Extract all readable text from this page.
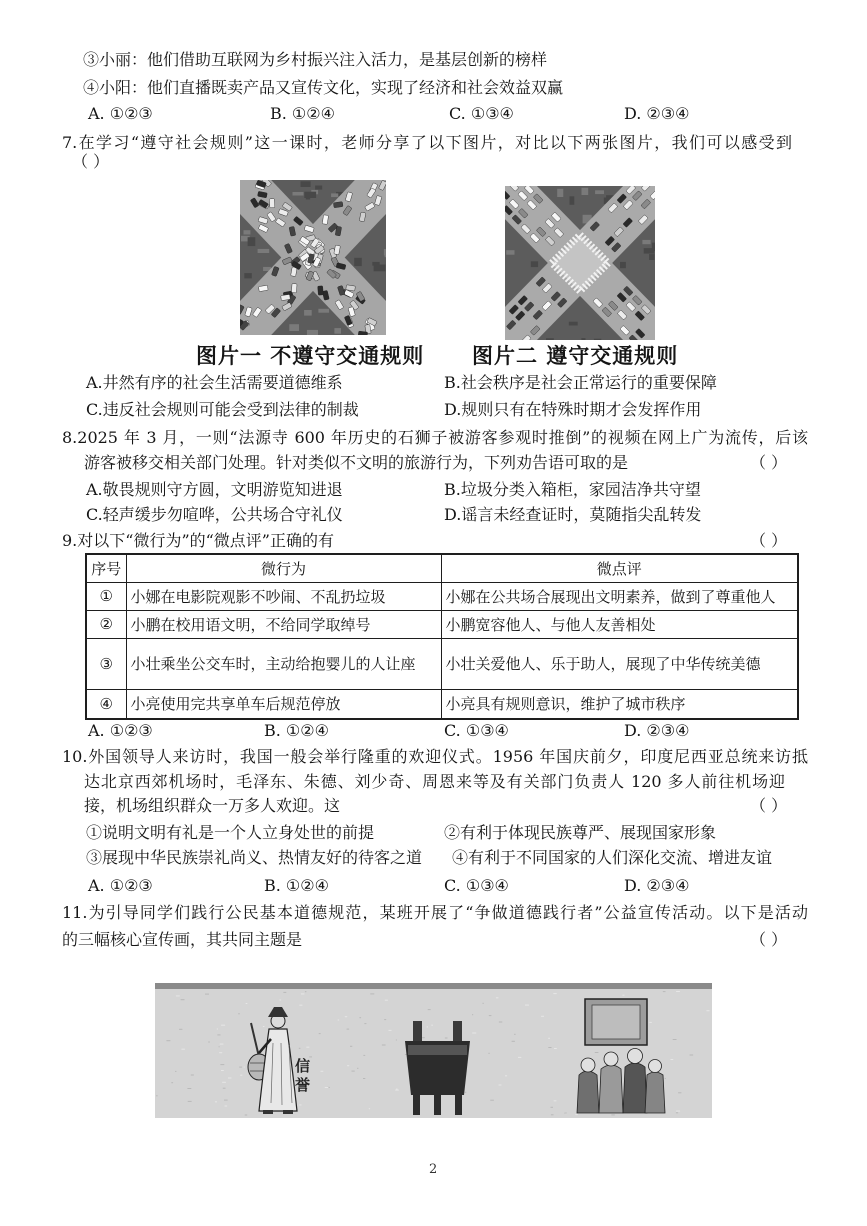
③小丽：他们借助互联网为乡村振兴注入活力，是基层创新的榜样
④小阳：他们直播既卖产品又宣传文化，实现了经济和社会效益双赢
A. ①②③	B. ①②④	C. ①③④	D. ②③④
7.在学习“遵守社会规则”这一课时，老师分享了以下图片，对比以下两张图片，我们可以感受到
（ ）
图片一 不遵守交通规则 图片二 遵守交通规则
A.井然有序的社会生活需要道德维系	B.社会秩序是社会正常运行的重要保障
C.违反社会规则可能会受到法律的制裁	D.规则只有在特殊时期才会发挥作用
8.2025 年 3 月，一则“法源寺 600 年历史的石狮子被游客参观时推倒”的视频在网上广为流传，后该
游客被移交相关部门处理。针对类似不文明的旅游行为，下列劝告语可取的是	（ ）
A.敬畏规则守方圆，文明游览知进退	B.垃圾分类入箱柜，家园洁净共守望
C.轻声缓步勿喧哗，公共场合守礼仪	D.谣言未经查证时，莫随指尖乱转发
9.对以下“微行为”的“微点评”正确的有	（ ）
序号	微行为	微点评
①	小娜在电影院观影不吵闹、不乱扔垃圾	小娜在公共场合展现出文明素养，做到了尊重他人
②	小鹏在校用语文明，不给同学取绰号	小鹏宽容他人、与他人友善相处
③	小壮乘坐公交车时，主动给抱婴儿的人让座	小壮关爱他人、乐于助人，展现了中华传统美德
④	小亮使用完共享单车后规范停放	小亮具有规则意识，维护了城市秩序
A. ①②③	B. ①②④	C. ①③④	D. ②③④
10.外国领导人来访时，我国一般会举行隆重的欢迎仪式。1956 年国庆前夕，印度尼西亚总统来访抵
达北京西郊机场时，毛泽东、朱德、刘少奇、周恩来等及有关部门负责人 120 多人前往机场迎
接，机场组织群众一万多人欢迎。这	（ ）
①说明文明有礼是一个人立身处世的前提	②有利于体现民族尊严、展现国家形象
③展现中华民族崇礼尚义、热情友好的待客之道 ④有利于不同国家的人们深化交流、增进友谊
A. ①②③	B. ①②④	C. ①③④	D. ②③④
11.为引导同学们践行公民基本道德规范，某班开展了“争做道德践行者”公益宣传活动。以下是活动
的三幅核心宣传画，其共同主题是	（ ）
信誉
2
